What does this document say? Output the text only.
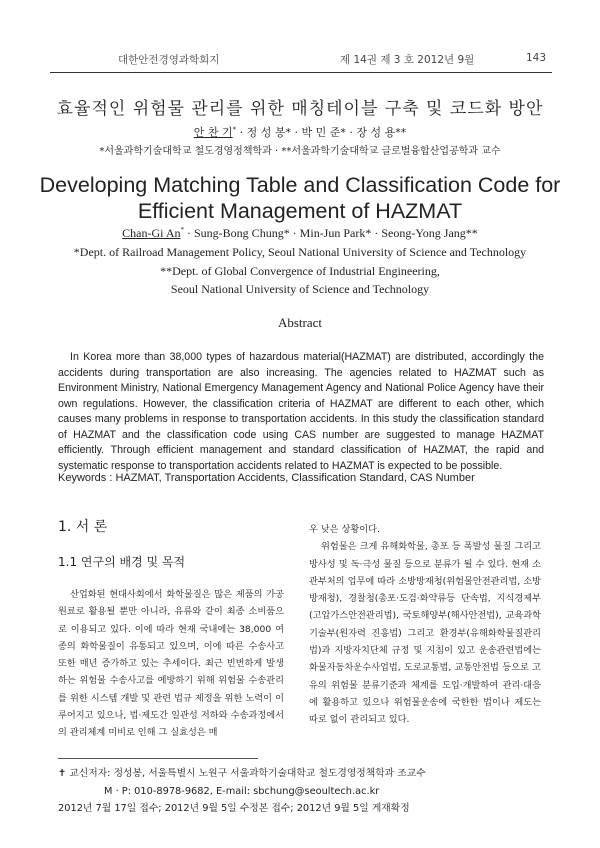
대한안전경영과학회지	제 14권 제 3 호 2012년 9월	143
효율적인 위험물 관리를 위한 매칭테이블 구축 및 코드화 방안
안 찬 기* · 정 성 봉* · 박 민 준* · 장 성 용**
*서울과학기술대학교 철도경영정책학과 · **서울과학기술대학교 글로벌융합산업공학과 교수
Developing Matching Table and Classification Code for
Efficient Management of HAZMAT
Chan-Gi An* · Sung-Bong Chung* · Min-Jun Park* · Seong-Yong Jang**
*Dept. of Railroad Management Policy, Seoul National University of Science and Technology
**Dept. of Global Convergence of Industrial Engineering,
Seoul National University of Science and Technology
Abstract
In Korea more than 38,000 types of hazardous material(HAZMAT) are distributed, accordingly the accidents during transportation are also increasing. The agencies related to HAZMAT such as Environment Ministry, National Emergency Management Agency and National Police Agency have their own regulations. However, the classification criteria of HAZMAT are different to each other, which causes many problems in response to transportation accidents. In this study the classification standard of HAZMAT and the classification code using CAS number are suggested to manage HAZMAT efficiently. Through efficient management and standard classification of HAZMAT, the rapid and systematic response to transportation accidents related to HAZMAT is expected to be possible.
Keywords : HAZMAT, Transportation Accidents, Classification Standard, CAS Number
1. 서 론
1.1 연구의 배경 및 목적
산업화된 현대사회에서 화학물질은 많은 제품의 가공원료로 활용될 뿐만 아니라, 유류와 같이 최종 소비품으로 이용되고 있다. 이에 따라 현재 국내에는 38,000 여종의 화학물질이 유통되고 있으며, 이에 따른 수송사고 또한 매년 증가하고 있는 추세이다. 최근 빈번하게 발생하는 위험물 수송사고를 예방하기 위해 위험물 수송관리를 위한 시스템 개발 및 관련 법규 제정을 위한 노력이 이루어지고 있으나, 법·제도간 일관성 저하와 수송과정에서의 관리체계 미비로 인해 그 실효성은 매

우 낮은 상황이다.

위험물은 크게 유해화학물, 총포 등 폭발성 물질 그리고 방사성 및 독·극성 물질 등으로 분류가 될 수 있다. 현재 소관부처의 업무에 따라 소방방재청(위험물안전관리법, 소방방재청), 경찰청(총포·도검·화약류등 단속법, 지식경제부(고압가스안전관리법), 국토해양부(해사안전법), 교육과학기술부(원자력 진흥법) 그리고 환경부(유해화학물질관리법)과 지방자치단체 규정 및 지침이 있고 운송관련법에는 화물자동차운수사업법, 도로교통법, 교통안전법 등으로 고유의 위험물 분류기준과 체계를 도입·개발하여 관리·대응에 활용하고 있으나 위험물운송에 국한한 법이나 제도는 따로 없이 관리되고 있다.

✝ 교신저자: 정성봉, 서울특별시 노원구 서울과학기술대학교 철도경영정책학과 조교수
M · P: 010-8978-9682, E-mail: sbchung@seoultech.ac.kr
2012년 7월 17일 접수; 2012년 9월 5일 수정본 접수; 2012년 9월 5일 게재확정
